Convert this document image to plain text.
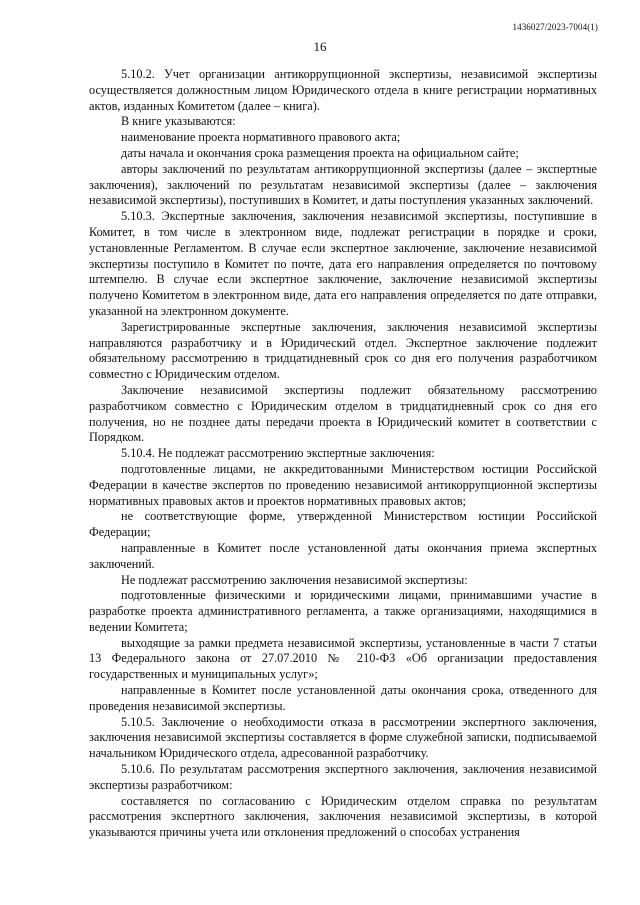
1436027/2023-7004(1)
16

5.10.2. Учет организации антикоррупционной экспертизы, независимой экспертизы осуществляется должностным лицом Юридического отдела в книге регистрации нормативных актов, изданных Комитетом (далее – книга).

В книге указываются:

наименование проекта нормативного правового акта;

даты начала и окончания срока размещения проекта на официальном сайте;

авторы заключений по результатам антикоррупционной экспертизы (далее – экспертные заключения), заключений по результатам независимой экспертизы (далее – заключения независимой экспертизы), поступивших в Комитет, и даты поступления указанных заключений.

5.10.3. Экспертные заключения, заключения независимой экспертизы, поступившие в Комитет, в том числе в электронном виде, подлежат регистрации в порядке и сроки, установленные Регламентом. В случае если экспертное заключение, заключение независимой экспертизы поступило в Комитет по почте, дата его направления определяется по почтовому штемпелю. В случае если экспертное заключение, заключение независимой экспертизы получено Комитетом в электронном виде, дата его направления определяется по дате отправки, указанной на электронном документе.

Зарегистрированные экспертные заключения, заключения независимой экспертизы направляются разработчику и в Юридический отдел. Экспертное заключение подлежит обязательному рассмотрению в тридцатидневный срок со дня его получения разработчиком совместно с Юридическим отделом.

Заключение независимой экспертизы подлежит обязательному рассмотрению разработчиком совместно с Юридическим отделом в тридцатидневный срок со дня его получения, но не позднее даты передачи проекта в Юридический комитет в соответствии с Порядком.

5.10.4. Не подлежат рассмотрению экспертные заключения:

подготовленные лицами, не аккредитованными Министерством юстиции Российской Федерации в качестве экспертов по проведению независимой антикоррупционной экспертизы нормативных правовых актов и проектов нормативных правовых актов;

не соответствующие форме, утвержденной Министерством юстиции Российской Федерации;

направленные в Комитет после установленной даты окончания приема экспертных заключений.

Не подлежат рассмотрению заключения независимой экспертизы:

подготовленные физическими и юридическими лицами, принимавшими участие в разработке проекта административного регламента, а также организациями, находящимися в ведении Комитета;

выходящие за рамки предмета независимой экспертизы, установленные в части 7 статьи 13 Федерального закона от 27.07.2010 № 210-ФЗ «Об организации предоставления государственных и муниципальных услуг»;

направленные в Комитет после установленной даты окончания срока, отведенного для проведения независимой экспертизы.

5.10.5. Заключение о необходимости отказа в рассмотрении экспертного заключения, заключения независимой экспертизы составляется в форме служебной записки, подписываемой начальником Юридического отдела, адресованной разработчику.

5.10.6. По результатам рассмотрения экспертного заключения, заключения независимой экспертизы разработчиком:

составляется по согласованию с Юридическим отделом справка по результатам рассмотрения экспертного заключения, заключения независимой экспертизы, в которой указываются причины учета или отклонения предложений о способах устранения
